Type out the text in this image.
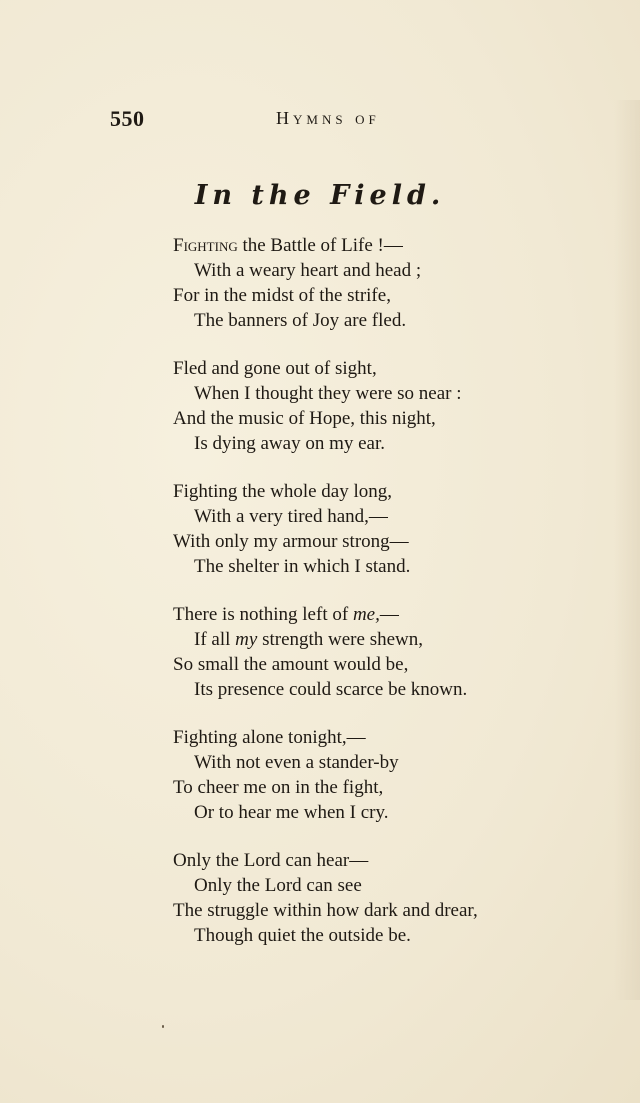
550	Hymns of
In the Field.
Fighting the Battle of Life !—
With a weary heart and head ;
For in the midst of the strife,
The banners of Joy are fled.
Fled and gone out of sight,
When I thought they were so near :
And the music of Hope, this night,
Is dying away on my ear.
Fighting the whole day long,
With a very tired hand,—
With only my armour strong—
The shelter in which I stand.
There is nothing left of me,—
If all my strength were shewn,
So small the amount would be,
Its presence could scarce be known.
Fighting alone tonight,—
With not even a stander-by
To cheer me on in the fight,
Or to hear me when I cry.
Only the Lord can hear—
Only the Lord can see
The struggle within how dark and drear,
Though quiet the outside be.
